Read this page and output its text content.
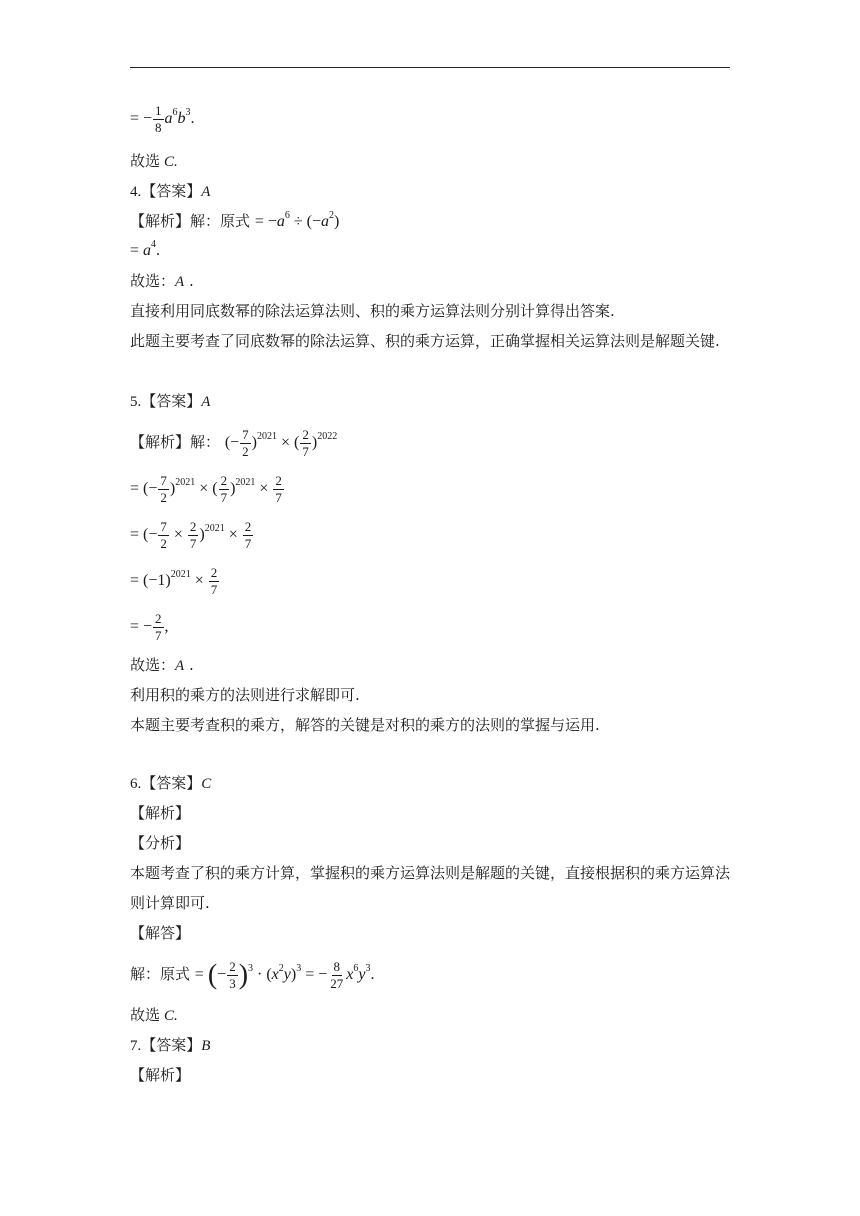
= − $\frac{1}{8} a^6b^3$.
故选 C.
4.【答案】A
【解析】解：原式 = $-a^6 \div (-a^2)$
= $a^4$.
故选：A .
直接利用同底数幂的除法运算法则、积的乘方运算法则分别计算得出答案.
此题主要考查了同底数幂的除法运算、积的乘方运算，正确掌握相关运算法则是解题关键.
5.【答案】A
【解析】解： (− $\frac{7}{2} )^{2021}$ × ( $\frac{2}{7} )^{2022}$
= (− $\frac{7}{2} )^{2021}$ × ( $\frac{2}{7} )^{2021} \times \frac{2}{7}$
= (− $\frac{7}{2} \times \frac{2}{7} )^{2021} \times \frac{2}{7}$
= $(-1)^{2021} \times \frac{2}{7}$
= − $\frac{2}{7}$ ,
故选：A .
利用积的乘方的法则进行求解即可.
本题主要考查积的乘方，解答的关键是对积的乘方的法则的掌握与运用.
6.【答案】C
【解析】
【分析】
本题考查了积的乘方计算，掌握积的乘方运算法则是解题的关键，直接根据积的乘方运算法
则计算即可.
【解答】
解：原式 = (− $\frac{2}{3} )^3 \cdot (x^2y)^3$ = − $\frac{8}{27} x^6y^3$.
故选 C.
7.【答案】B
【解析】
